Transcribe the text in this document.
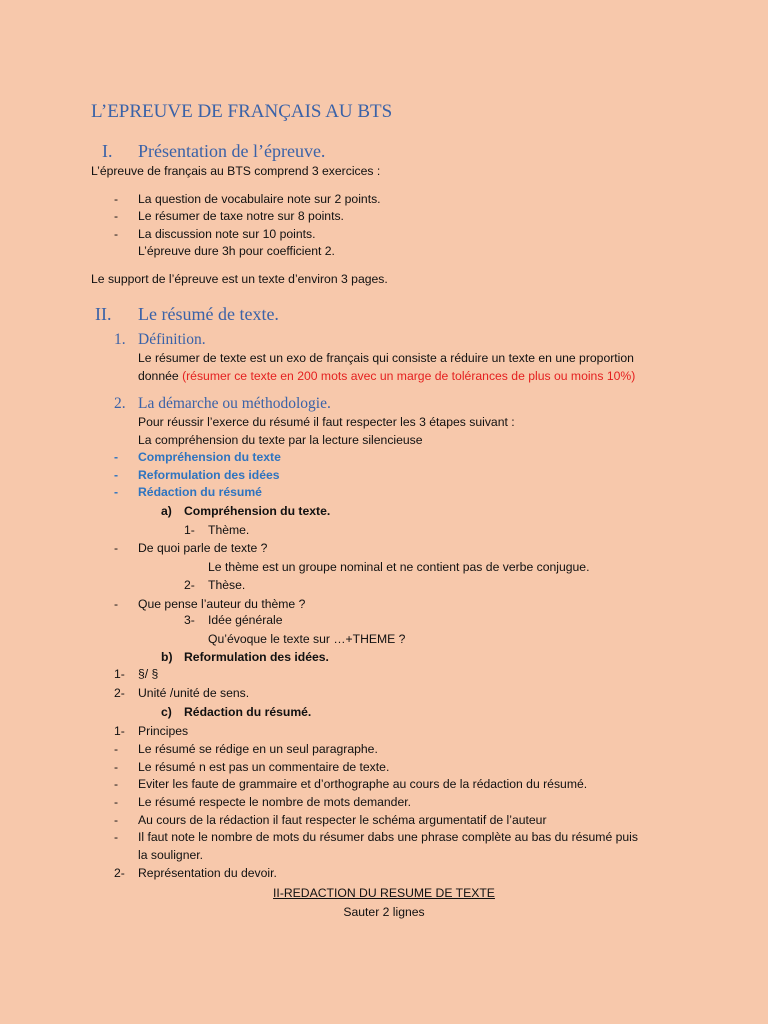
L’EPREUVE DE FRANÇAIS AU BTS
I. Présentation de l’épreuve.
L’épreuve de français au BTS comprend 3 exercices :
- La question de vocabulaire note sur 2 points.
- Le résumer de taxe notre sur 8 points.
- La discussion note sur 10 points.
L’épreuve dure 3h pour coefficient 2.
Le support de l’épreuve est un texte d’environ 3 pages.
II. Le résumé de texte.
1. Définition.
Le résumer de texte est un exo de français qui consiste a réduire un texte en une proportion
donnée (résumer ce texte en 200 mots avec un marge de tolérances de plus ou moins 10%)
2. La démarche ou méthodologie.
Pour réussir l’exerce du résumé il faut respecter les 3 étapes suivant :
La compréhension du texte par la lecture silencieuse
- Compréhension du texte
- Reformulation des idées
- Rédaction du résumé
a) Compréhension du texte.
1- Thème.
- De quoi parle de texte ?
Le thème est un groupe nominal et ne contient pas de verbe conjugue.
2- Thèse.
- Que pense l’auteur du thème ?
3- Idée générale
Qu’évoque le texte sur …+THEME ?
b) Reformulation des idées.
1- §/ §
2- Unité /unité de sens.
c) Rédaction du résumé.
1- Principes
- Le résumé se rédige en un seul paragraphe.
- Le résumé n est pas un commentaire de texte.
- Eviter les faute de grammaire et d’orthographe au cours de la rédaction du résumé.
- Le résumé respecte le nombre de mots demander.
- Au cours de la rédaction il faut respecter le schéma argumentatif de l’auteur
- Il faut note le nombre de mots du résumer dabs une phrase complète au bas du résumé puis
la souligner.
2- Représentation du devoir.
II-REDACTION DU RESUME DE TEXTE
Sauter 2 lignes
